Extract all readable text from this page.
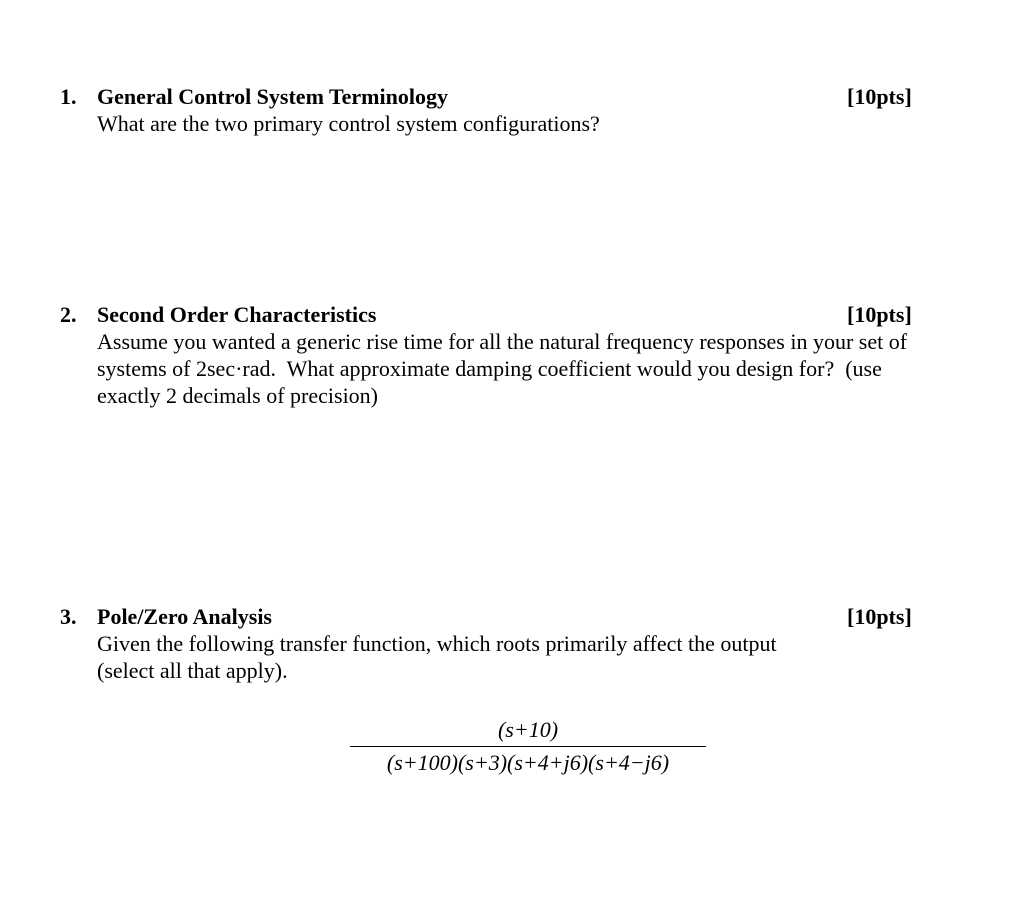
1. General Control System Terminology	[10pts]
What are the two primary control system configurations?
2. Second Order Characteristics	[10pts]
Assume you wanted a generic rise time for all the natural frequency responses in your set of
systems of 2sec·rad.  What approximate damping coefficient would you design for?  (use
exactly 2 decimals of precision)
3. Pole/Zero Analysis	[10pts]
Given the following transfer function, which roots primarily affect the output
(select all that apply).
(s+10)
(s+100)(s+3)(s+4+j6)(s+4−j6)
